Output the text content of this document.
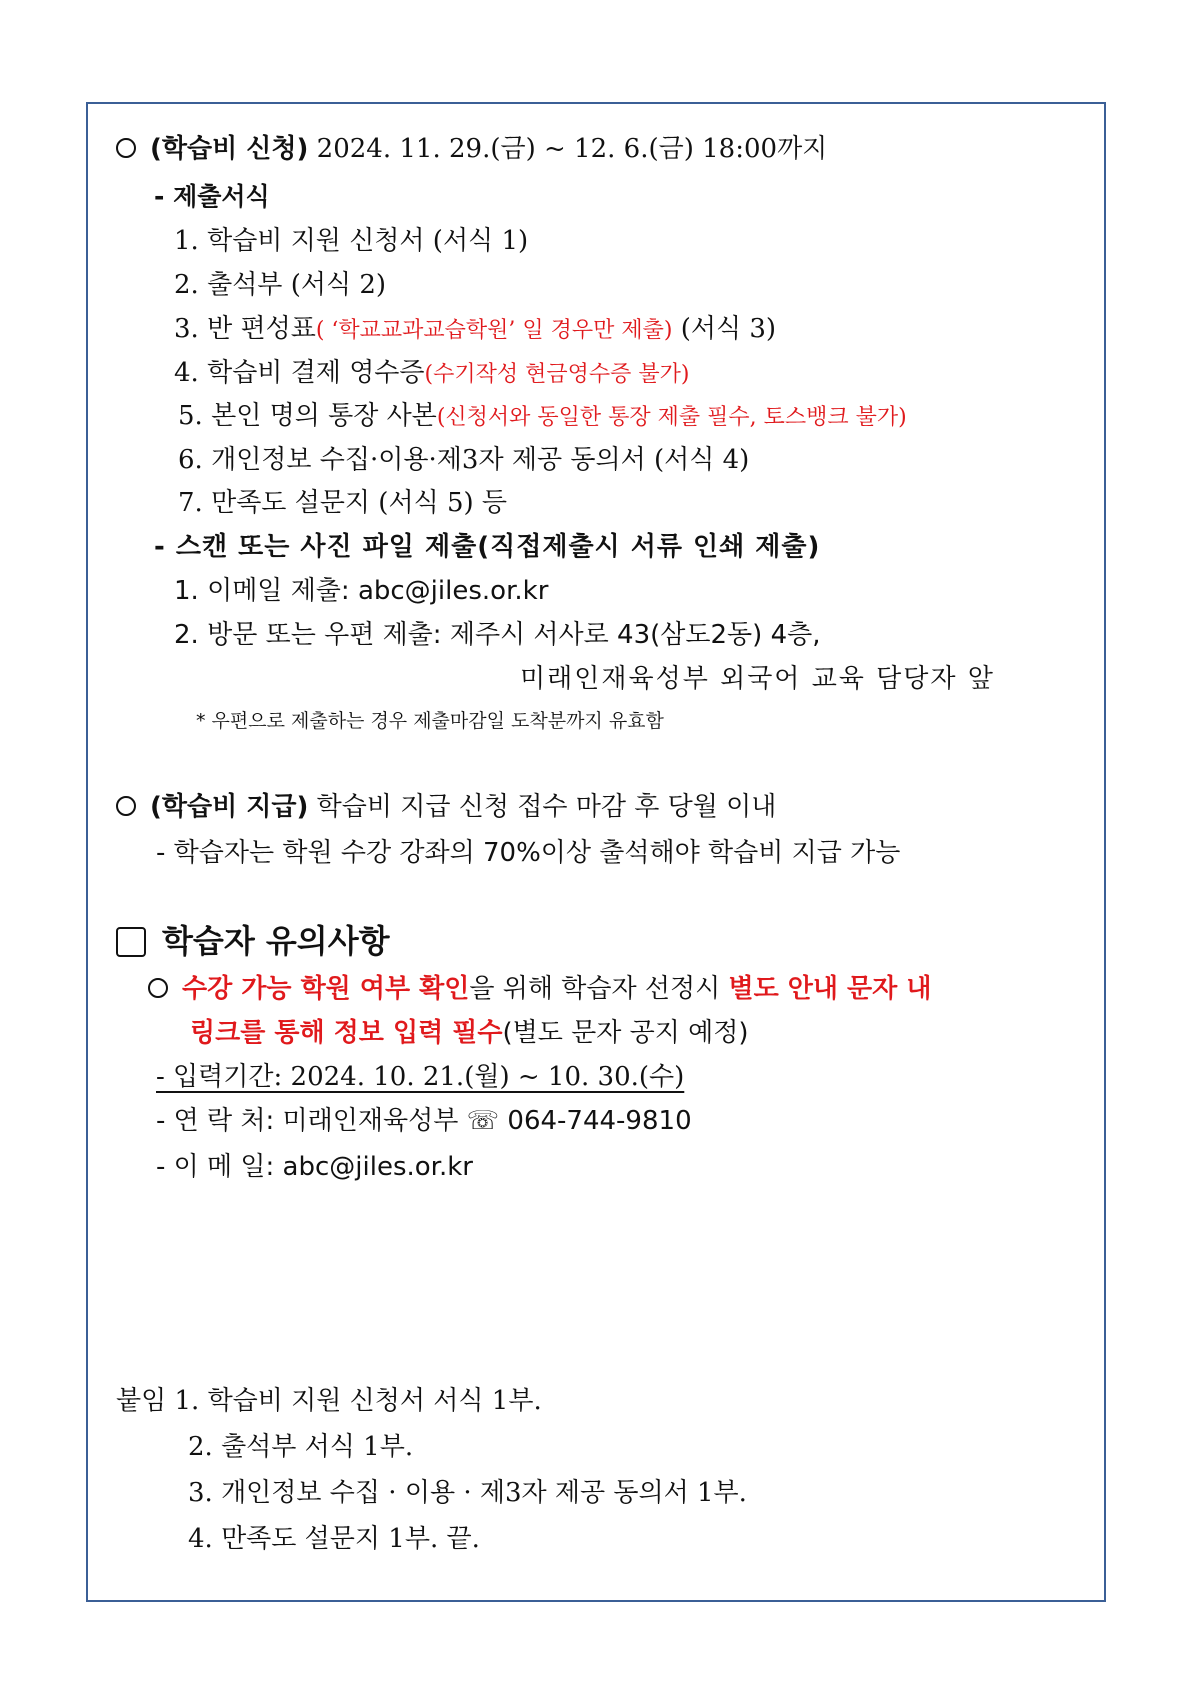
(학습비 신청) 2024. 11. 29.(금) ~ 12. 6.(금) 18:00까지
- 제출서식
1. 학습비 지원 신청서 (서식 1)
2. 출석부 (서식 2)
3. 반 편성표( ‘학교교과교습학원’ 일 경우만 제출) (서식 3)
4. 학습비 결제 영수증(수기작성 현금영수증 불가)
5. 본인 명의 통장 사본(신청서와 동일한 통장 제출 필수, 토스뱅크 불가)
6. 개인정보 수집·이용·제3자 제공 동의서 (서식 4)
7. 만족도 설문지 (서식 5) 등
- 스캔 또는 사진 파일 제출(직접제출시 서류 인쇄 제출)
1. 이메일 제출: abc@jiles.or.kr
2. 방문 또는 우편 제출: 제주시 서사로 43(삼도2동) 4층,
미래인재육성부 외국어 교육 담당자 앞
* 우편으로 제출하는 경우 제출마감일 도착분까지 유효함
(학습비 지급) 학습비 지급 신청 접수 마감 후 당월 이내
- 학습자는 학원 수강 강좌의 70%이상 출석해야 학습비 지급 가능
학습자 유의사항
수강 가능 학원 여부 확인을 위해 학습자 선정시 별도 안내 문자 내
링크를 통해 정보 입력 필수(별도 문자 공지 예정)
- 입력기간: 2024. 10. 21.(월) ~ 10. 30.(수)
- 연 락 처: 미래인재육성부 ☏ 064-744-9810
- 이 메 일: abc@jiles.or.kr
붙임 1. 학습비 지원 신청서 서식 1부.
2. 출석부 서식 1부.
3. 개인정보 수집 · 이용 · 제3자 제공 동의서 1부.
4. 만족도 설문지 1부. 끝.
